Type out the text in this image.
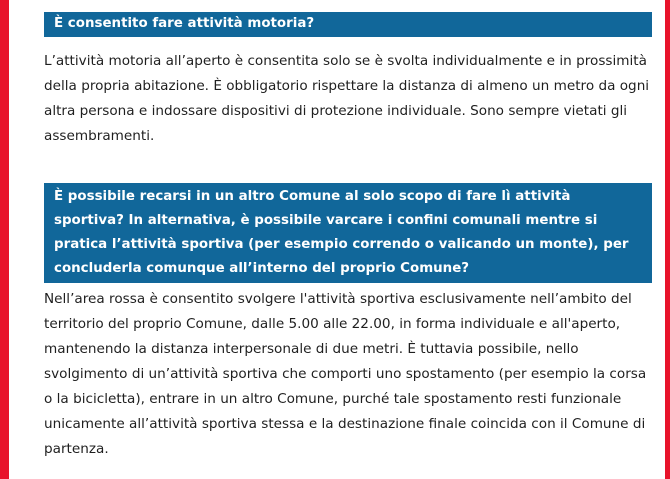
È consentito fare attività motoria?
L’attività motoria all’aperto è consentita solo se è svolta individualmente e in prossimità della propria abitazione. È obbligatorio rispettare la distanza di almeno un metro da ogni altra persona e indossare dispositivi di protezione individuale. Sono sempre vietati gli assembramenti.
È possibile recarsi in un altro Comune al solo scopo di fare lì attività sportiva? In alternativa, è possibile varcare i confini comunali mentre si pratica l’attività sportiva (per esempio correndo o valicando un monte), per concluderla comunque all’interno del proprio Comune?
Nell’area rossa è consentito svolgere l'attività sportiva esclusivamente nell’ambito del territorio del proprio Comune, dalle 5.00 alle 22.00, in forma individuale e all'aperto, mantenendo la distanza interpersonale di due metri. È tuttavia possibile, nello svolgimento di un’attività sportiva che comporti uno spostamento (per esempio la corsa o la bicicletta), entrare in un altro Comune, purché tale spostamento resti funzionale unicamente all’attività sportiva stessa e la destinazione finale coincida con il Comune di partenza.
